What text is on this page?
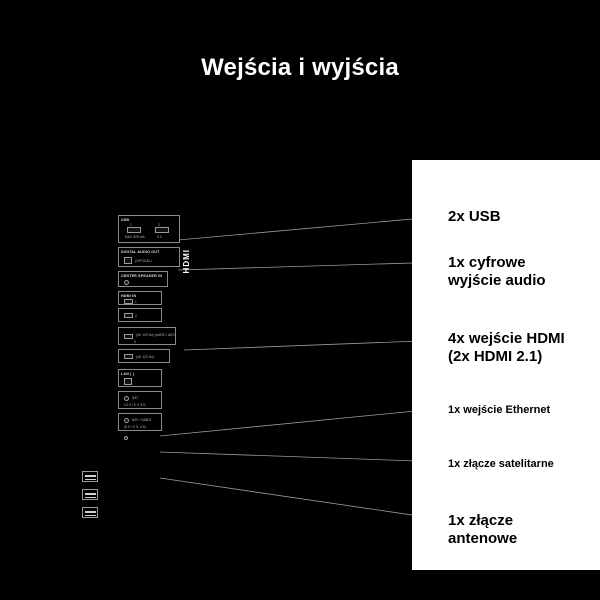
Wejścia i wyjścia
USB
1	2
MAX 500 mA	5 V
DIGITAL AUDIO OUT
(OPTICAL)
CENTER SPEAKER IN
HDMI
HDMI IN
1
2
(4K 120 Hz) (eARC / ARC)
3
(4K 120 Hz)
LAN ( )
SAT
13 V / 0 V, 4 K
AIR / CABLE
(5 V / 0 V, 4 K)
2x USB
1x cyfrowe
wyjście audio
4x wejście HDMI
(2x HDMI 2.1)
1x wejście Ethernet
1x złącze satelitarne
1x złącze
antenowe
